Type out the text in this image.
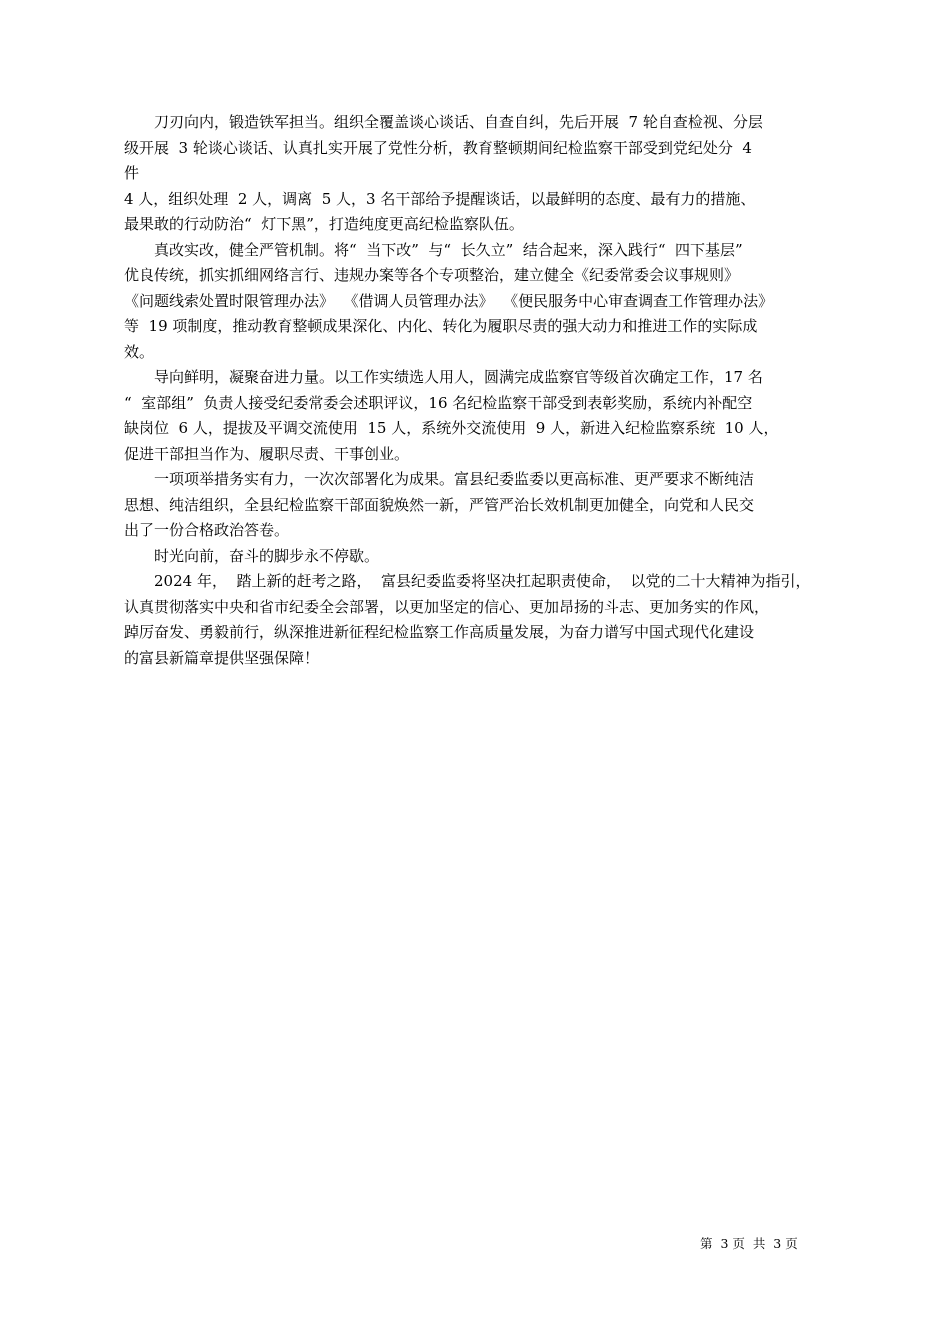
　　刀刃向内，锻造铁军担当。组织全覆盖谈心谈话、自查自纠，先后开展  7 轮自查检视、分层
级开展  3 轮谈心谈话、认真扎实开展了党性分析，教育整顿期间纪检监察干部受到党纪处分  4
件
4 人，组织处理  2 人，调离  5 人，3 名干部给予提醒谈话，以最鲜明的态度、最有力的措施、
最果敢的行动防治“  灯下黑”，打造纯度更高纪检监察队伍。
　　真改实改，健全严管机制。将“  当下改”  与“  长久立”  结合起来，深入践行“  四下基层”
优良传统，抓实抓细网络言行、违规办案等各个专项整治，建立健全《纪委常委会议事规则》
《问题线索处置时限管理办法》  《借调人员管理办法》  《便民服务中心审查调查工作管理办法》
等  19 项制度，推动教育整顿成果深化、内化、转化为履职尽责的强大动力和推进工作的实际成
效。
　　导向鲜明，凝聚奋进力量。以工作实绩选人用人，圆满完成监察官等级首次确定工作，17 名
“  室部组”  负责人接受纪委常委会述职评议，16 名纪检监察干部受到表彰奖励，系统内补配空
缺岗位  6 人，提拔及平调交流使用  15 人，系统外交流使用  9 人，新进入纪检监察系统  10 人，
促进干部担当作为、履职尽责、干事创业。
　　一项项举措务实有力，一次次部署化为成果。富县纪委监委以更高标准、更严要求不断纯洁
思想、纯洁组织，全县纪检监察干部面貌焕然一新，严管严治长效机制更加健全，向党和人民交
出了一份合格政治答卷。
　　时光向前，奋斗的脚步永不停歇。
　　2024 年，  踏上新的赶考之路，  富县纪委监委将坚决扛起职责使命，  以党的二十大精神为指引，
认真贯彻落实中央和省市纪委全会部署，以更加坚定的信心、更加昂扬的斗志、更加务实的作风，
踔厉奋发、勇毅前行，纵深推进新征程纪检监察工作高质量发展，为奋力谱写中国式现代化建设
的富县新篇章提供坚强保障！
第  3 页  共  3 页
